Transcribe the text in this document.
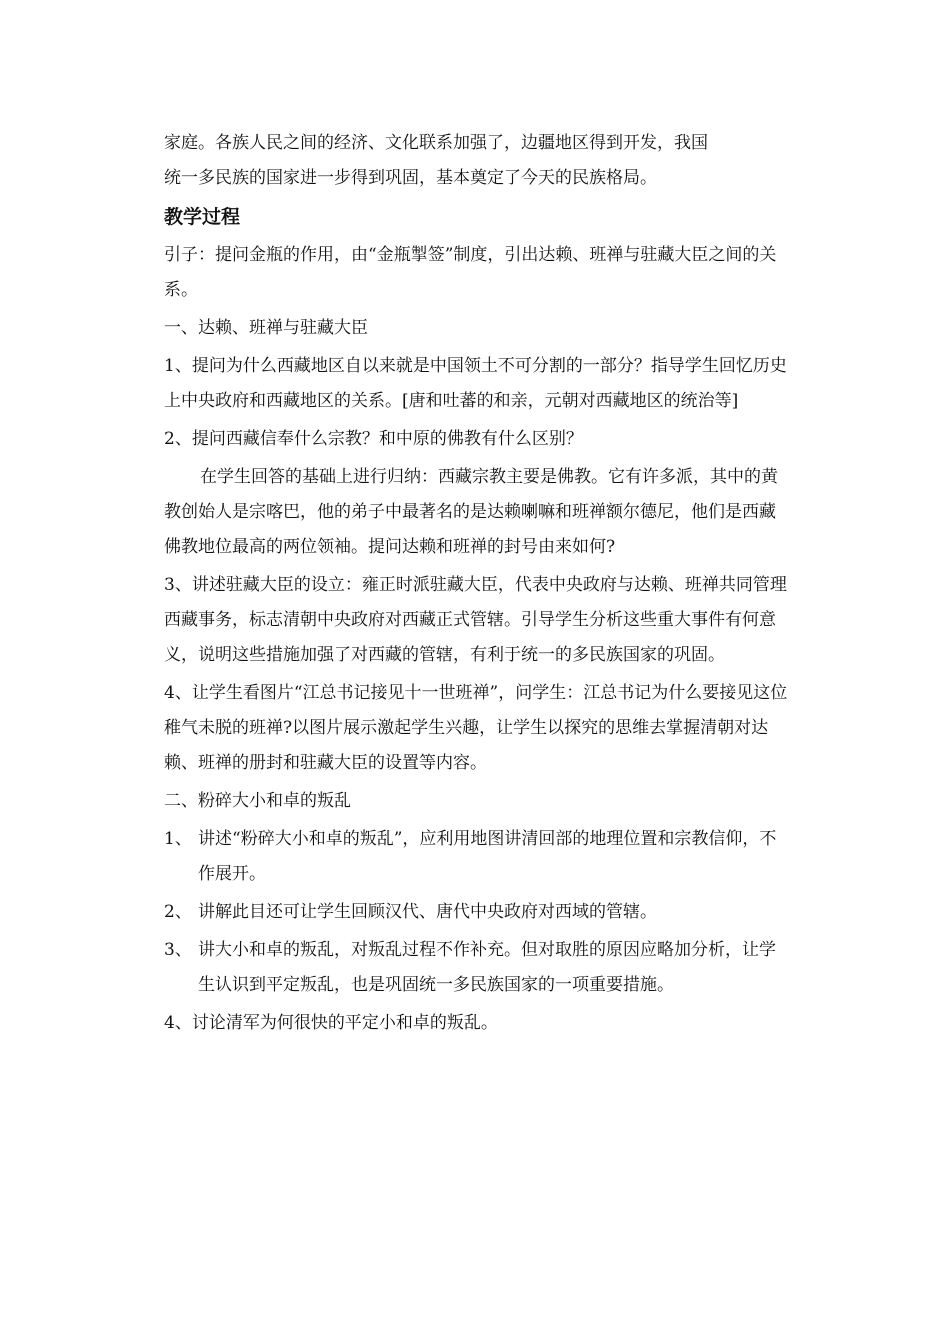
家庭。各族人民之间的经济、文化联系加强了，边疆地区得到开发，我国

统一多民族的国家进一步得到巩固，基本奠定了今天的民族格局。

教学过程

引子：提问金瓶的作用，由“金瓶掣签”制度，引出达赖、班禅与驻藏大臣之间的关系。

一、达赖、班禅与驻藏大臣

1、提问为什么西藏地区自以来就是中国领土不可分割的一部分？指导学生回忆历史上中央政府和西藏地区的关系。[唐和吐蕃的和亲，元朝对西藏地区的统治等]

2、提问西藏信奉什么宗教？和中原的佛教有什么区别？

在学生回答的基础上进行归纳：西藏宗教主要是佛教。它有许多派，其中的黄教创始人是宗喀巴，他的弟子中最著名的是达赖喇嘛和班禅额尔德尼，他们是西藏佛教地位最高的两位领袖。提问达赖和班禅的封号由来如何?

3、讲述驻藏大臣的设立：雍正时派驻藏大臣，代表中央政府与达赖、班禅共同管理西藏事务，标志清朝中央政府对西藏正式管辖。引导学生分析这些重大事件有何意义，说明这些措施加强了对西藏的管辖，有利于统一的多民族国家的巩固。

4、让学生看图片“江总书记接见十一世班禅”，问学生：江总书记为什么要接见这位稚气未脱的班禅?以图片展示激起学生兴趣，让学生以探究的思维去掌握清朝对达赖、班禅的册封和驻藏大臣的设置等内容。

二、粉碎大小和卓的叛乱

1、 讲述“粉碎大小和卓的叛乱”，应利用地图讲清回部的地理位置和宗教信仰，不作展开。
2、 讲解此目还可让学生回顾汉代、唐代中央政府对西域的管辖。
3、 讲大小和卓的叛乱，对叛乱过程不作补充。但对取胜的原因应略加分析，让学生认识到平定叛乱，也是巩固统一多民族国家的一项重要措施。

4、讨论清军为何很快的平定小和卓的叛乱。
